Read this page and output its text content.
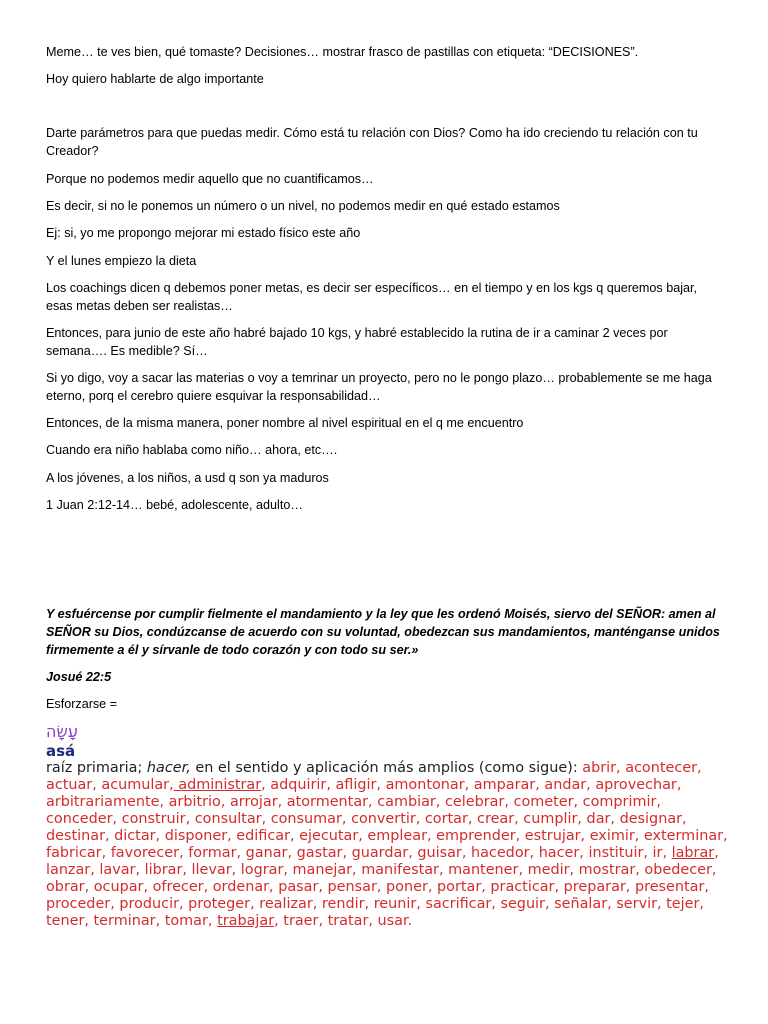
Meme… te ves bien, qué tomaste? Decisiones… mostrar frasco de pastillas con etiqueta: “DECISIONES”.

Hoy quiero hablarte de algo importante

Darte parámetros para que puedas medir. Cómo está tu relación con Dios? Como ha ido creciendo tu relación con tu Creador?

Porque no podemos medir aquello que no cuantificamos…

Es decir, si no le ponemos un número o un nivel, no podemos medir en qué estado estamos

Ej: si, yo me propongo mejorar mi estado físico este año

Y el lunes empiezo la dieta

Los coachings dicen q debemos poner metas, es decir ser específicos… en el tiempo y en los kgs q queremos bajar, esas metas deben ser realistas…

Entonces, para junio de este año habré bajado 10 kgs, y habré establecido la rutina de ir a caminar 2 veces por semana…. Es medible? Sí…

Si yo digo, voy a sacar las materias o voy a temrinar un proyecto, pero no le pongo plazo… probablemente se me haga eterno, porq el cerebro quiere esquivar la responsabilidad…

Entonces, de la misma manera, poner nombre al nivel espiritual en el q me encuentro

Cuando era niño hablaba como niño… ahora, etc….

A los jóvenes, a los niños, a usd q son ya maduros

1 Juan 2:12-14… bebé, adolescente, adulto…

Y esfuércense por cumplir fielmente el mandamiento y la ley que les ordenó Moisés, siervo del SEÑOR: amen al SEÑOR su Dios, condúzcanse de acuerdo con su voluntad, obedezcan sus mandamientos, manténganse unidos firmemente a él y sírvanle de todo corazón y con todo su ser.»

Josué 22:5

Esforzarse =

עָשָׂה
asá
raíz primaria; hacer, en el sentido y aplicación más amplios (como sigue): abrir, acontecer, actuar, acumular, administrar, adquirir, afligir, amontonar, amparar, andar, aprovechar, arbitrariamente, arbitrio, arrojar, atormentar, cambiar, celebrar, cometer, comprimir, conceder, construir, consultar, consumar, convertir, cortar, crear, cumplir, dar, designar, destinar, dictar, disponer, edificar, ejecutar, emplear, emprender, estrujar, eximir, exterminar, fabricar, favorecer, formar, ganar, gastar, guardar, guisar, hacedor, hacer, instituir, ir, labrar, lanzar, lavar, librar, llevar, lograr, manejar, manifestar, mantener, medir, mostrar, obedecer, obrar, ocupar, ofrecer, ordenar, pasar, pensar, poner, portar, practicar, preparar, presentar, proceder, producir, proteger, realizar, rendir, reunir, sacrificar, seguir, señalar, servir, tejer, tener, terminar, tomar, trabajar, traer, tratar, usar.
